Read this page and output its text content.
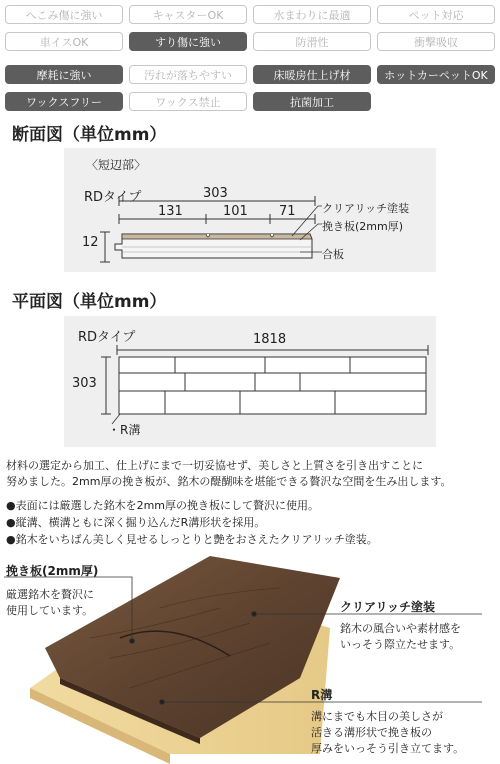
へこみ傷に強い	キャスターOK	水まわりに最適	ペット対応
車イスOK	すり傷に強い	防滑性	衝撃吸収
摩耗に強い	汚れが落ちやすい	床暖房仕上げ材	ホットカーペットOK
ワックスフリー	ワックス禁止	抗菌加工
断面図（単位mm）
〈短辺部〉
RDタイプ	303
131	101 71
12
クリアリッチ塗装
挽き板(2mm厚)
合板
平面図（単位mm）
RDタイプ	1818
303
・R溝
材料の選定から加工、仕上げにまで一切妥協せず、美しさと上質さを引き出すことに
努めました。2mm厚の挽き板が、銘木の醍醐味を堪能できる贅沢な空間を生み出します。
●表面には厳選した銘木を2mm厚の挽き板にして贅沢に使用。
●縦溝、横溝ともに深く掘り込んだR溝形状を採用。
●銘木をいちばん美しく見せるしっとりと艶をおさえたクリアリッチ塗装。
挽き板(2mm厚)
厳選銘木を贅沢に
使用しています。	クリアリッチ塗装
銘木の風合いや素材感を
いっそう際立たせます。
R溝
溝にまでも木目の美しさが
活きる溝形状で挽き板の
厚みをいっそう引き立てます。
